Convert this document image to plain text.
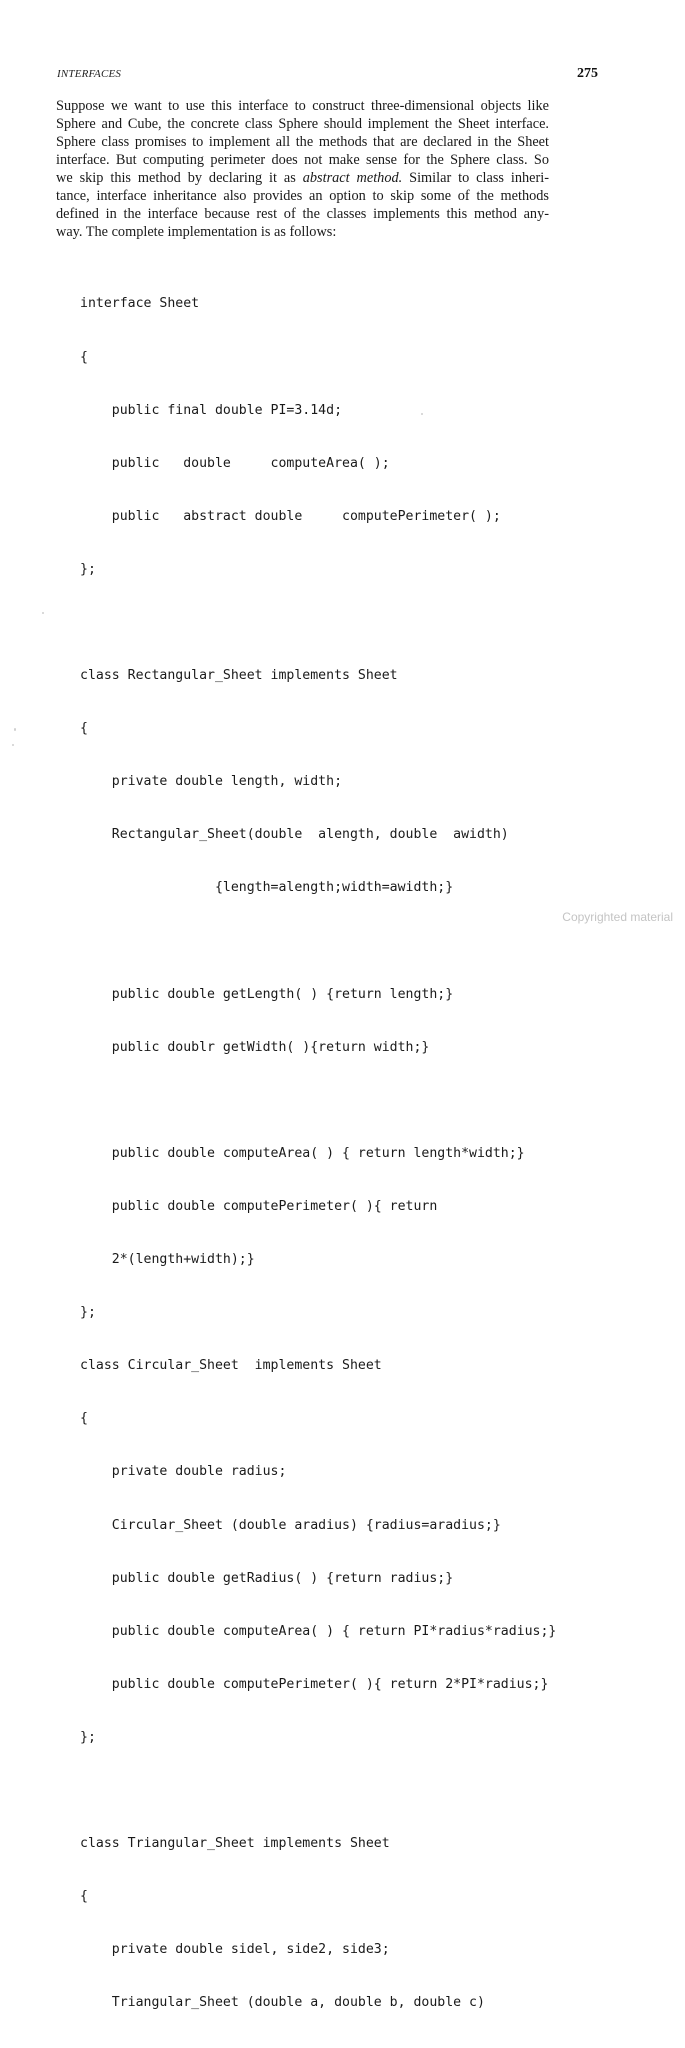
INTERFACES	275
Suppose we want to use this interface to construct three-dimensional objects like
Sphere and Cube, the concrete class Sphere should implement the Sheet interface.
Sphere class promises to implement all the methods that are declared in the Sheet
interface. But computing perimeter does not make sense for the Sphere class. So
we skip this method by declaring it as abstract method. Similar to class inheri-
tance, interface inheritance also provides an option to skip some of the methods
defined in the interface because rest of the classes implements this method any-
way. The complete implementation is as follows:

interface Sheet

{

public final double PI=3.14d;

public   double     computeArea( );

public   abstract double     computePerimeter( );

};

class Rectangular_Sheet implements Sheet

{

private double length, width;

Rectangular_Sheet(double  alength, double  awidth)

{length=alength;width=awidth;}

public double getLength( ) {return length;}

public doublr getWidth( ){return width;}

public double computeArea( ) { return length*width;}

public double computePerimeter( ){ return

2*(length+width);}

};

class Circular_Sheet  implements Sheet

{

private double radius;

Circular_Sheet (double aradius) {radius=aradius;}

public double getRadius( ) {return radius;}

public double computeArea( ) { return PI*radius*radius;}

public double computePerimeter( ){ return 2*PI*radius;}

};

class Triangular_Sheet implements Sheet

{

private double sidel, side2, side3;

Triangular_Sheet (double a, double b, double c)

Copyrighted material
